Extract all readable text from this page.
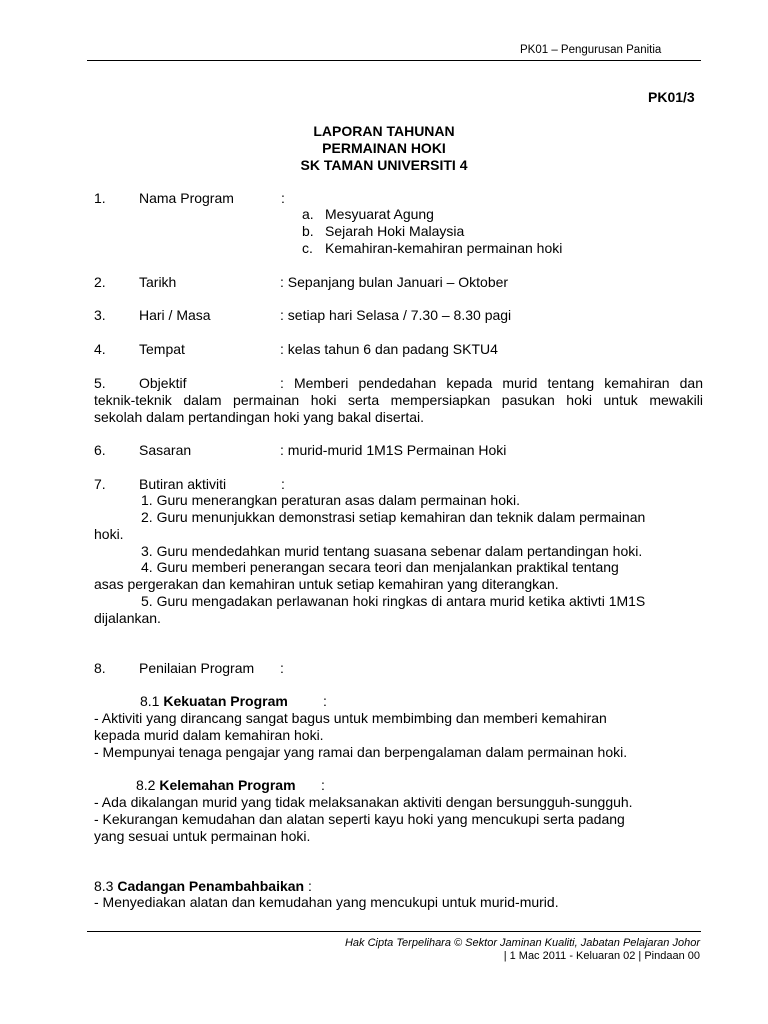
PK01 – Pengurusan Panitia
PK01/3
LAPORAN TAHUNAN
PERMAINAN HOKI
SK TAMAN UNIVERSITI 4
1. Nama Program	:
a. Mesyuarat Agung
b. Sejarah Hoki Malaysia
c. Kemahiran-kemahiran permainan hoki
2. Tarikh	: Sepanjang bulan Januari – Oktober
3. Hari / Masa	: setiap hari Selasa / 7.30 – 8.30 pagi
4. Tempat	: kelas tahun 6 dan padang SKTU4
5. Objektif	: Memberi pendedahan kepada murid tentang kemahiran dan
teknik-teknik dalam permainan hoki serta mempersiapkan pasukan hoki untuk mewakili
sekolah dalam pertandingan hoki yang bakal disertai.
6. Sasaran	: murid-murid 1M1S Permainan Hoki
7. Butiran aktiviti	:
1. Guru menerangkan peraturan asas dalam permainan hoki.
2. Guru menunjukkan demonstrasi setiap kemahiran dan teknik dalam permainan
hoki.
3. Guru mendedahkan murid tentang suasana sebenar dalam pertandingan hoki.
4. Guru memberi penerangan secara teori dan menjalankan praktikal tentang
asas pergerakan dan kemahiran untuk setiap kemahiran yang diterangkan.
5. Guru mengadakan perlawanan hoki ringkas di antara murid ketika aktivti 1M1S
dijalankan.
8. Penilaian Program :
8.1 Kekuatan Program	:
- Aktiviti yang dirancang sangat bagus untuk membimbing dan memberi kemahiran
kepada murid dalam kemahiran hoki.
- Mempunyai tenaga pengajar yang ramai dan berpengalaman dalam permainan hoki.
8.2 Kelemahan Program :
- Ada dikalangan murid yang tidak melaksanakan aktiviti dengan bersungguh-sungguh.
- Kekurangan kemudahan dan alatan seperti kayu hoki yang mencukupi serta padang
yang sesuai untuk permainan hoki.
8.3 Cadangan Penambahbaikan :
- Menyediakan alatan dan kemudahan yang mencukupi untuk murid-murid.
Hak Cipta Terpelihara © Sektor Jaminan Kualiti, Jabatan Pelajaran Johor
| 1 Mac 2011 - Keluaran 02 | Pindaan 00
